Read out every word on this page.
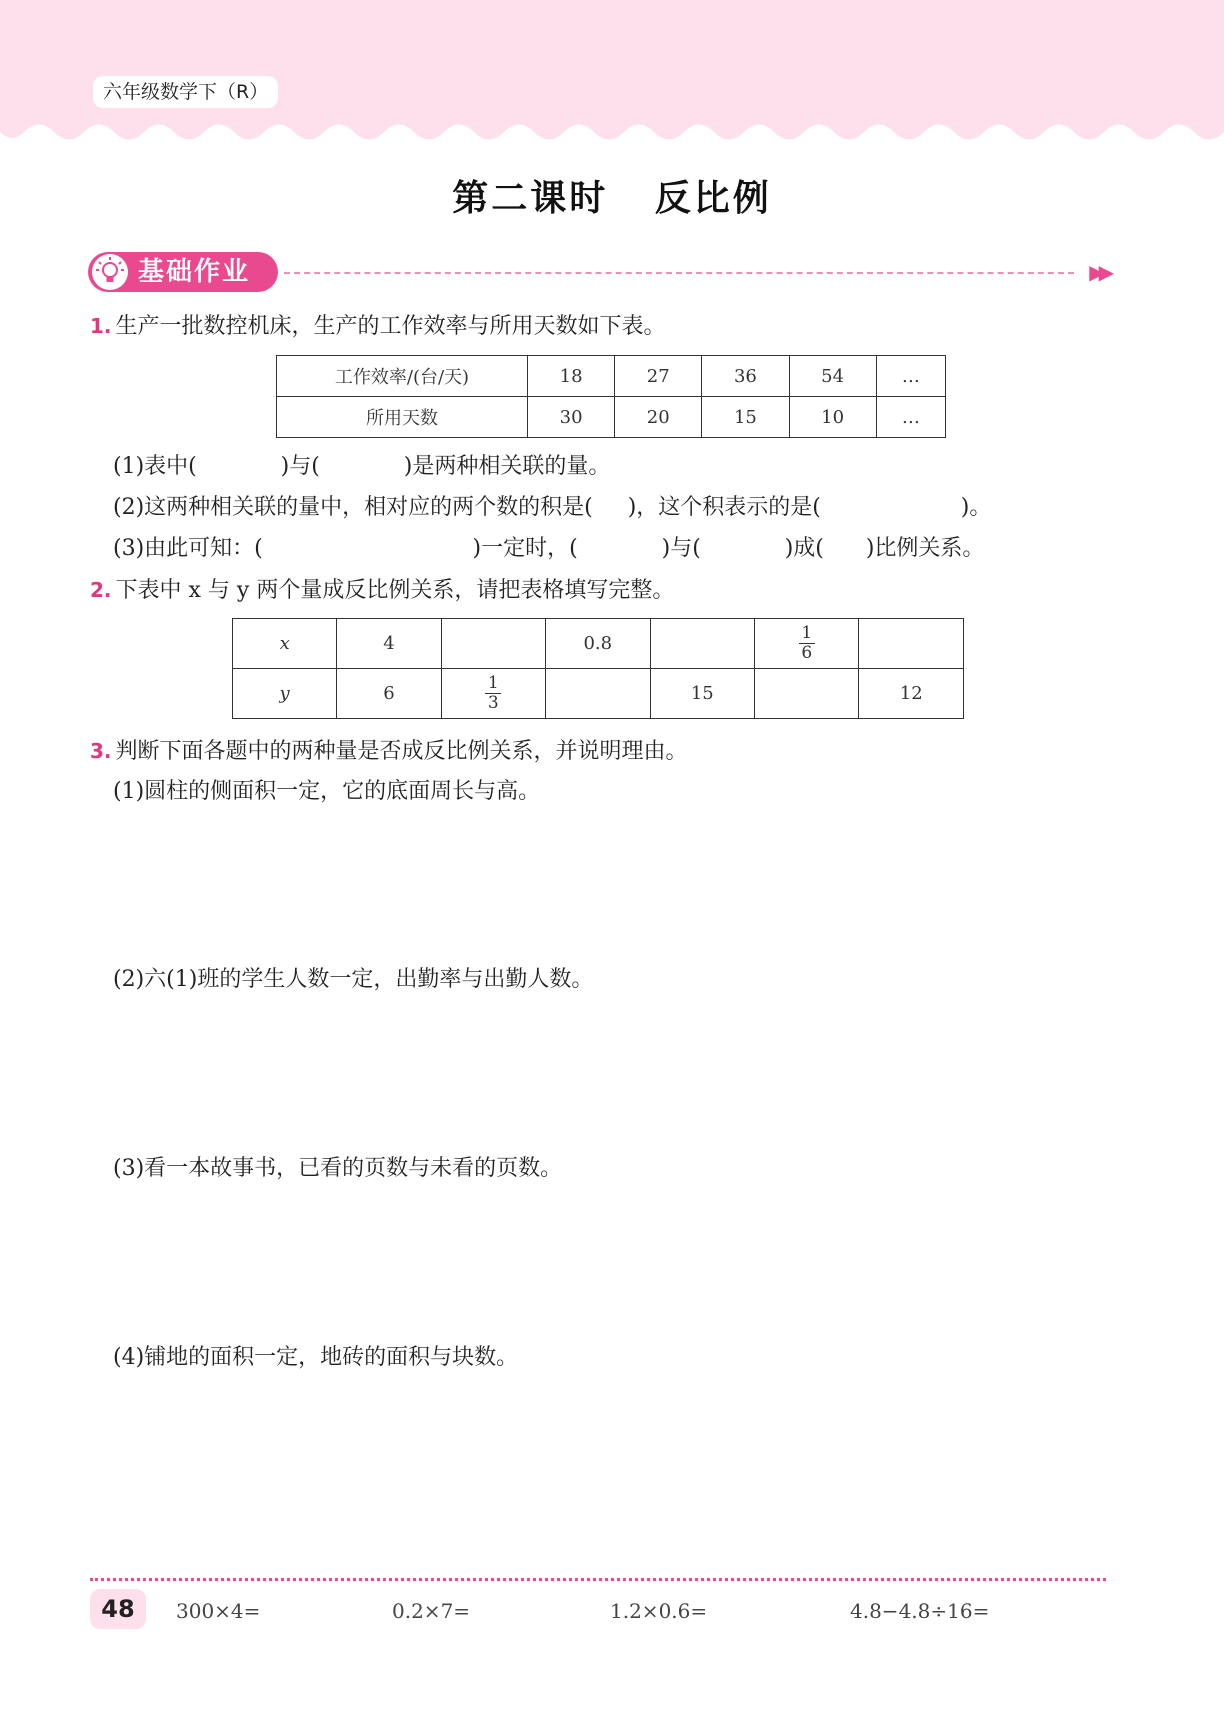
六年级数学下（R）
第二课时   反比例
基础作业	▶▶
1. 生产一批数控机床，生产的工作效率与所用天数如下表。
工作效率/(台/天)	18	27	36	54	…
所用天数	30	20	15	10	…
(1)表中(            )与(            )是两种相关联的量。
(2)这两种相关联的量中，相对应的两个数的积是(     )，这个积表示的是(                    )。
(3)由此可知：(                              )一定时，(            )与(            )成(      )比例关系。
2. 下表中 x 与 y 两个量成反比例关系，请把表格填写完整。
x	4		0.8		$\frac{1}{6}$	
y	6	$\frac{1}{3}$		15		12
3. 判断下面各题中的两种量是否成反比例关系，并说明理由。
(1)圆柱的侧面积一定，它的底面周长与高。
(2)六(1)班的学生人数一定，出勤率与出勤人数。
(3)看一本故事书，已看的页数与未看的页数。
(4)铺地的面积一定，地砖的面积与块数。
48	300×4=	0.2×7=	1.2×0.6=	4.8−4.8÷16=
